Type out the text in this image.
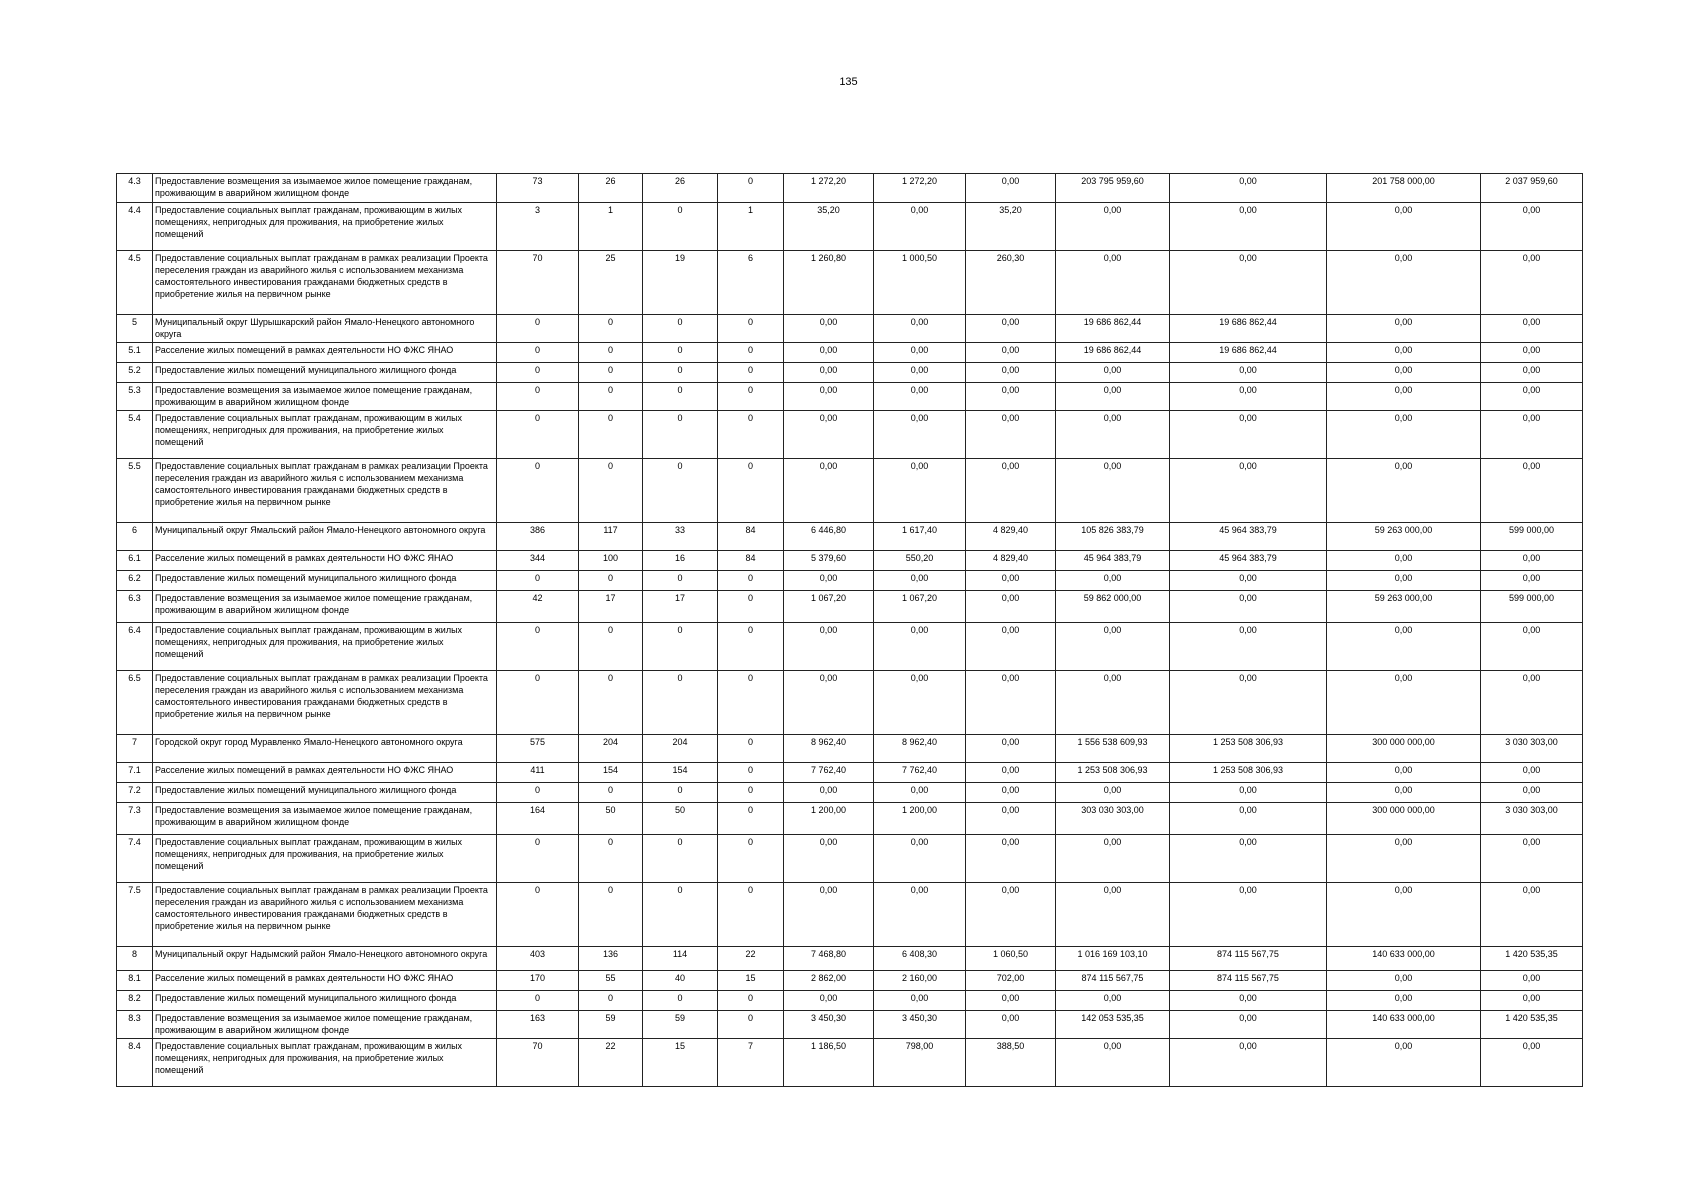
135
4.3	Предоставление возмещения за изымаемое жилое помещение гражданам, проживающим в аварийном жилищном фонде	73	26	26	0	1 272,20	1 272,20	0,00	203 795 959,60	0,00	201 758 000,00	2 037 959,60
4.4	Предоставление социальных выплат гражданам, проживающим в жилых помещениях, непригодных для проживания, на приобретение жилых помещений	3	1	0	1	35,20	0,00	35,20	0,00	0,00	0,00	0,00
4.5	Предоставление социальных выплат гражданам в рамках реализации Проекта переселения граждан из аварийного жилья с использованием механизма самостоятельного инвестирования гражданами бюджетных средств в приобретение жилья на первичном рынке	70	25	19	6	1 260,80	1 000,50	260,30	0,00	0,00	0,00	0,00
5	Муниципальный округ Шурышкарский район Ямало-Ненецкого автономного округа	0	0	0	0	0,00	0,00	0,00	19 686 862,44	19 686 862,44	0,00	0,00
5.1	Расселение жилых помещений в рамках деятельности НО ФЖС ЯНАО	0	0	0	0	0,00	0,00	0,00	19 686 862,44	19 686 862,44	0,00	0,00
5.2	Предоставление жилых помещений муниципального жилищного фонда	0	0	0	0	0,00	0,00	0,00	0,00	0,00	0,00	0,00
5.3	Предоставление возмещения за изымаемое жилое помещение гражданам, проживающим в аварийном жилищном фонде	0	0	0	0	0,00	0,00	0,00	0,00	0,00	0,00	0,00
5.4	Предоставление социальных выплат гражданам, проживающим в жилых помещениях, непригодных для проживания, на приобретение жилых помещений	0	0	0	0	0,00	0,00	0,00	0,00	0,00	0,00	0,00
5.5	Предоставление социальных выплат гражданам в рамках реализации Проекта переселения граждан из аварийного жилья с использованием механизма самостоятельного инвестирования гражданами бюджетных средств в приобретение жилья на первичном рынке	0	0	0	0	0,00	0,00	0,00	0,00	0,00	0,00	0,00
6	Муниципальный округ Ямальский район Ямало-Ненецкого автономного округа	386	117	33	84	6 446,80	1 617,40	4 829,40	105 826 383,79	45 964 383,79	59 263 000,00	599 000,00
6.1	Расселение жилых помещений в рамках деятельности НО ФЖС ЯНАО	344	100	16	84	5 379,60	550,20	4 829,40	45 964 383,79	45 964 383,79	0,00	0,00
6.2	Предоставление жилых помещений муниципального жилищного фонда	0	0	0	0	0,00	0,00	0,00	0,00	0,00	0,00	0,00
6.3	Предоставление возмещения за изымаемое жилое помещение гражданам, проживающим в аварийном жилищном фонде	42	17	17	0	1 067,20	1 067,20	0,00	59 862 000,00	0,00	59 263 000,00	599 000,00
6.4	Предоставление социальных выплат гражданам, проживающим в жилых помещениях, непригодных для проживания, на приобретение жилых помещений	0	0	0	0	0,00	0,00	0,00	0,00	0,00	0,00	0,00
6.5	Предоставление социальных выплат гражданам в рамках реализации Проекта переселения граждан из аварийного жилья с использованием механизма самостоятельного инвестирования гражданами бюджетных средств в приобретение жилья на первичном рынке	0	0	0	0	0,00	0,00	0,00	0,00	0,00	0,00	0,00
7	Городской округ город Муравленко Ямало-Ненецкого автономного округа	575	204	204	0	8 962,40	8 962,40	0,00	1 556 538 609,93	1 253 508 306,93	300 000 000,00	3 030 303,00
7.1	Расселение жилых помещений в рамках деятельности НО ФЖС ЯНАО	411	154	154	0	7 762,40	7 762,40	0,00	1 253 508 306,93	1 253 508 306,93	0,00	0,00
7.2	Предоставление жилых помещений муниципального жилищного фонда	0	0	0	0	0,00	0,00	0,00	0,00	0,00	0,00	0,00
7.3	Предоставление возмещения за изымаемое жилое помещение гражданам, проживающим в аварийном жилищном фонде	164	50	50	0	1 200,00	1 200,00	0,00	303 030 303,00	0,00	300 000 000,00	3 030 303,00
7.4	Предоставление социальных выплат гражданам, проживающим в жилых помещениях, непригодных для проживания, на приобретение жилых помещений	0	0	0	0	0,00	0,00	0,00	0,00	0,00	0,00	0,00
7.5	Предоставление социальных выплат гражданам в рамках реализации Проекта переселения граждан из аварийного жилья с использованием механизма самостоятельного инвестирования гражданами бюджетных средств в приобретение жилья на первичном рынке	0	0	0	0	0,00	0,00	0,00	0,00	0,00	0,00	0,00
8	Муниципальный округ Надымский район Ямало-Ненецкого автономного округа	403	136	114	22	7 468,80	6 408,30	1 060,50	1 016 169 103,10	874 115 567,75	140 633 000,00	1 420 535,35
8.1	Расселение жилых помещений в рамках деятельности НО ФЖС ЯНАО	170	55	40	15	2 862,00	2 160,00	702,00	874 115 567,75	874 115 567,75	0,00	0,00
8.2	Предоставление жилых помещений муниципального жилищного фонда	0	0	0	0	0,00	0,00	0,00	0,00	0,00	0,00	0,00
8.3	Предоставление возмещения за изымаемое жилое помещение гражданам, проживающим в аварийном жилищном фонде	163	59	59	0	3 450,30	3 450,30	0,00	142 053 535,35	0,00	140 633 000,00	1 420 535,35
8.4	Предоставление социальных выплат гражданам, проживающим в жилых помещениях, непригодных для проживания, на приобретение жилых помещений	70	22	15	7	1 186,50	798,00	388,50	0,00	0,00	0,00	0,00
